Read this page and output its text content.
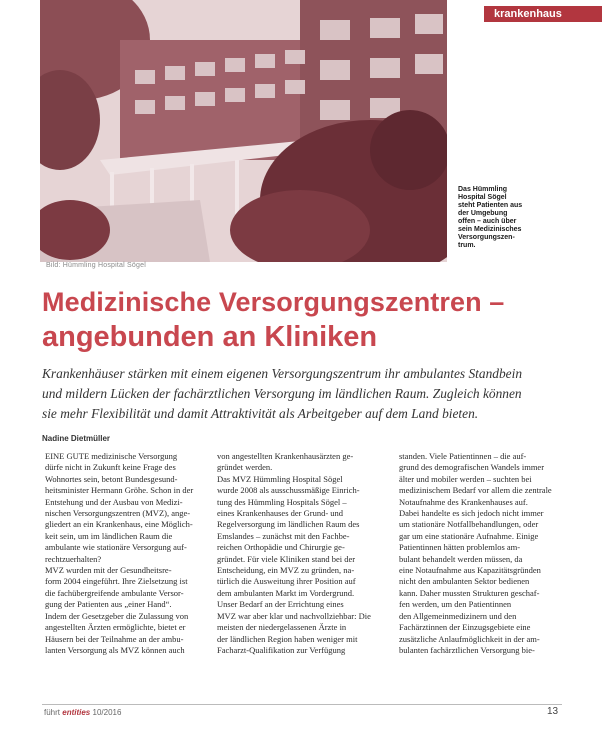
Bild: Hümmling Hospital Sögel
krankenhaus
Das Hümmling
Hospital Sögel
steht Patienten aus
der Umgebung
offen – auch über
sein Medizinisches
Versorgungszen-
trum.
Medizinische Versorgungszentren –
angebunden an Kliniken
Krankenhäuser stärken mit einem eigenen Versorgungszentrum ihr ambulantes Standbein
und mildern Lücken der fachärztlichen Versorgung im ländlichen Raum. Zugleich können
sie mehr Flexibilität und damit Attraktivität als Arbeitgeber auf dem Land bieten.
Nadine Dietmüller
EINE GUTE medizinische Versorgung
dürfe nicht in Zukunft keine Frage des
Wohnortes sein, betont Bundesgesund-
heitsminister Hermann Gröhe. Schon in der
Entstehung und der Ausbau von Medizi-
nischen Versorgungszentren (MVZ), ange-
gliedert an ein Krankenhaus, eine Möglich-
keit sein, um im ländlichen Raum die
ambulante wie stationäre Versorgung auf-
rechtzuerhalten?
MVZ wurden mit der Gesundheitsre-
form 2004 eingeführt. Ihre Zielsetzung ist
die fachübergreifende ambulante Versor-
gung der Patienten aus „einer Hand“.
Indem der Gesetzgeber die Zulassung von
angestellten Ärzten ermöglichte, bietet er
Häusern bei der Teilnahme an der ambu-
lanten Versorgung als MVZ können auch
von angestellten Krankenhausärzten ge-
gründet werden.
Das MVZ Hümmling Hospital Sögel
wurde 2008 als ausschussmäßige Einrich-
tung des Hümmling Hospitals Sögel –
eines Krankenhauses der Grund- und
Regelversorgung im ländlichen Raum des
Emslandes – zunächst mit den Fachbe-
reichen Orthopädie und Chirurgie ge-
gründet. Für viele Kliniken stand bei der
Entscheidung, ein MVZ zu gründen, na-
türlich die Ausweitung ihrer Position auf
dem ambulanten Markt im Vordergrund.
Unser Bedarf an der Errichtung eines
MVZ war aber klar und nachvollziehbar: Die
meisten der niedergelassenen Ärzte in
der ländlichen Region haben weniger mit
Facharzt-Qualifikation zur Verfügung
standen. Viele Patientinnen – die auf-
grund des demografischen Wandels immer
älter und mobiler werden – suchten bei
medizinischem Bedarf vor allem die zentrale
Notaufnahme des Krankenhauses auf.
Dabei handelte es sich jedoch nicht immer
um stationäre Notfallbehandlungen, oder
gar um eine stationäre Aufnahme. Einige
Patientinnen hätten problemlos am-
bulant behandelt werden müssen, da
eine Notaufnahme aus Kapazitätsgründen
nicht den ambulanten Sektor bedienen
kann. Daher mussten Strukturen geschaf-
fen werden, um den Patientinnen
den Allgemeinmedizinern und den
Fachärztinnen der Einzugsgebiete eine
zusätzliche Anlaufmöglichkeit in der am-
bulanten fachärztlichen Versorgung bie-
führt entities 10/2016	13
